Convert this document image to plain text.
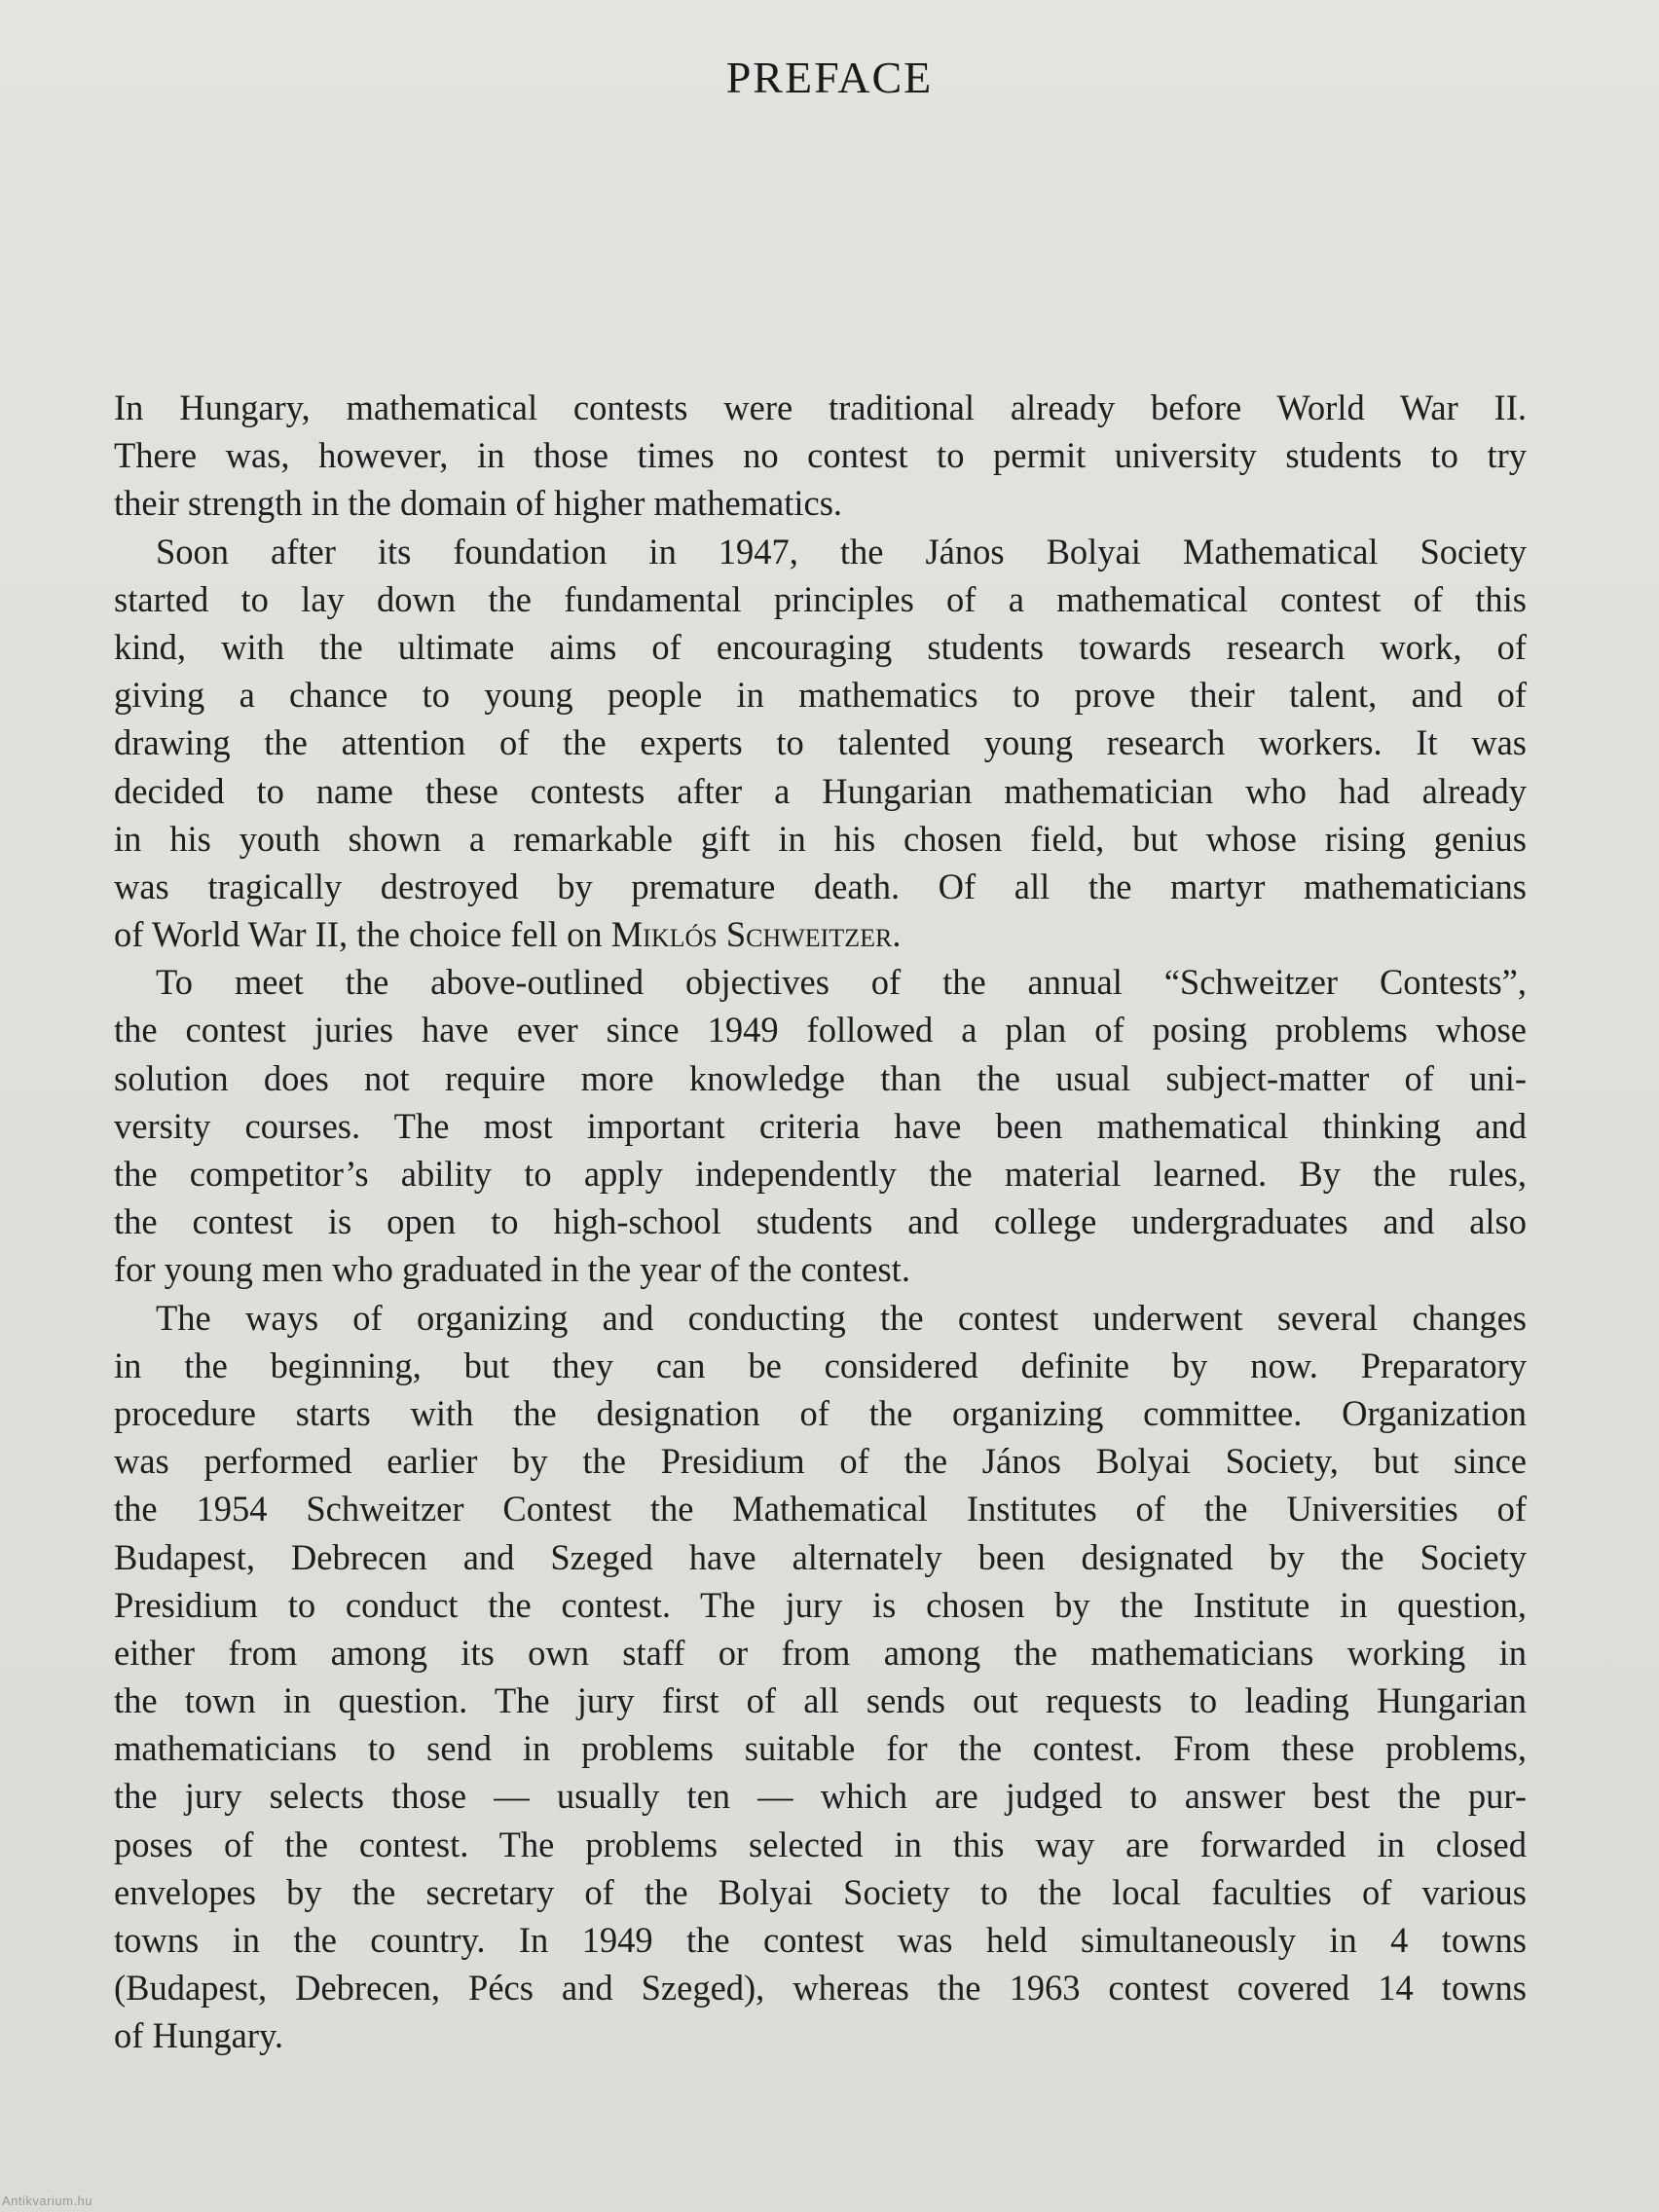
PREFACE
In Hungary, mathematical contests were traditional already before World War II.
There was, however, in those times no contest to permit university students to try
their strength in the domain of higher mathematics.
Soon after its foundation in 1947, the János Bolyai Mathematical Society
started to lay down the fundamental principles of a mathematical contest of this
kind, with the ultimate aims of encouraging students towards research work, of
giving a chance to young people in mathematics to prove their talent, and of
drawing the attention of the experts to talented young research workers. It was
decided to name these contests after a Hungarian mathematician who had already
in his youth shown a remarkable gift in his chosen field, but whose rising genius
was tragically destroyed by premature death. Of all the martyr mathematicians
of World War II, the choice fell on Miklós Schweitzer.
To meet the above-outlined objectives of the annual “Schweitzer Contests”,
the contest juries have ever since 1949 followed a plan of posing problems whose
solution does not require more knowledge than the usual subject-matter of uni-
versity courses. The most important criteria have been mathematical thinking and
the competitor’s ability to apply independently the material learned. By the rules,
the contest is open to high-school students and college undergraduates and also
for young men who graduated in the year of the contest.
The ways of organizing and conducting the contest underwent several changes
in the beginning, but they can be considered definite by now. Preparatory
procedure starts with the designation of the organizing committee. Organization
was performed earlier by the Presidium of the János Bolyai Society, but since
the 1954 Schweitzer Contest the Mathematical Institutes of the Universities of
Budapest, Debrecen and Szeged have alternately been designated by the Society
Presidium to conduct the contest. The jury is chosen by the Institute in question,
either from among its own staff or from among the mathematicians working in
the town in question. The jury first of all sends out requests to leading Hungarian
mathematicians to send in problems suitable for the contest. From these problems,
the jury selects those — usually ten — which are judged to answer best the pur-
poses of the contest. The problems selected in this way are forwarded in closed
envelopes by the secretary of the Bolyai Society to the local faculties of various
towns in the country. In 1949 the contest was held simultaneously in 4 towns
(Budapest, Debrecen, Pécs and Szeged), whereas the 1963 contest covered 14 towns
of Hungary.
Antikvarium.hu
